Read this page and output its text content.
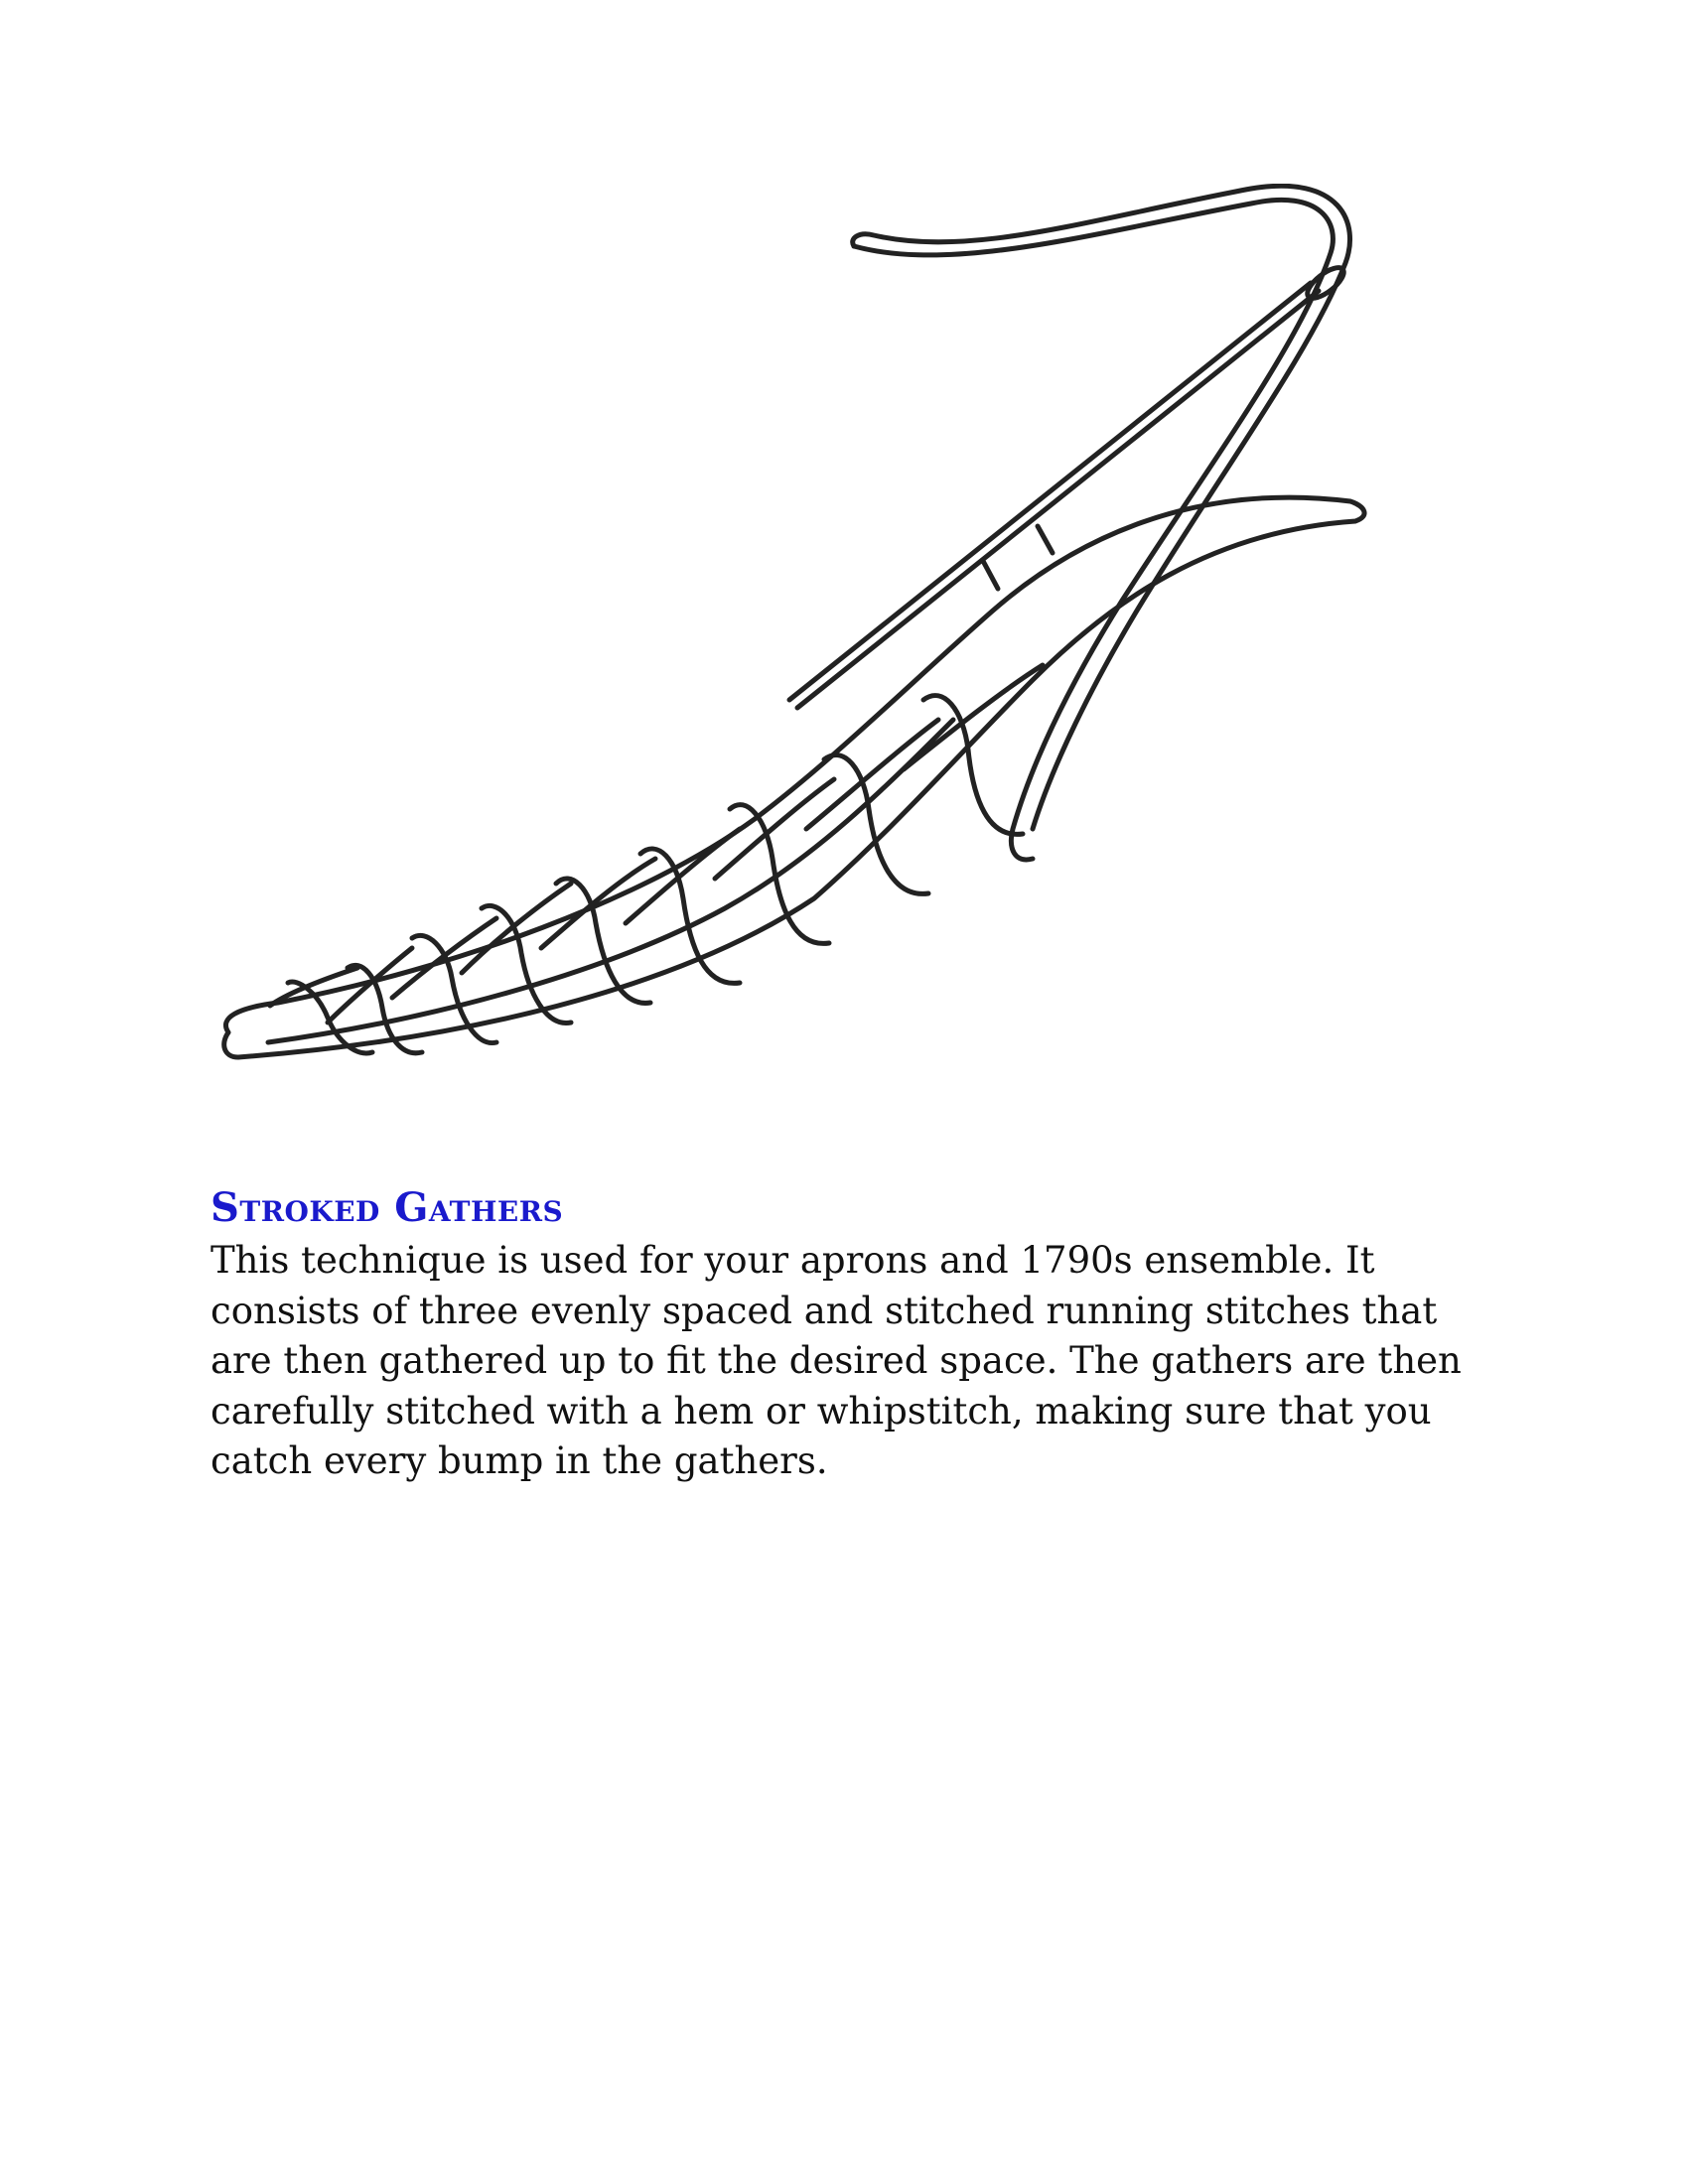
Stroked Gathers

This technique is used for your aprons and 1790s ensemble. It consists of three evenly spaced and stitched running stitches that are then gathered up to fit the desired space. The gathers are then carefully stitched with a hem or whipstitch, making sure that you catch every bump in the gathers.
